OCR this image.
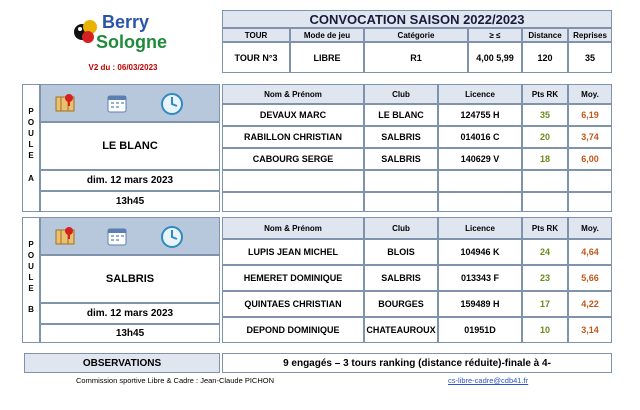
Berry
Sologne
V2 du : 06/03/2023
CONVOCATION SAISON 2022/2023
TOUR	Mode de jeu	Catégorie	≥ ≤	Distance	Reprises
TOUR N°3	LIBRE	R1	4,00 5,99	120	35
P
O
U
L
E
A
LE BLANC
dim. 12 mars 2023
13h45
Nom & Prénom	Club	Licence	Pts RK	Moy.
DEVAUX MARC	LE BLANC	124755 H	35	6,19
RABILLON CHRISTIAN	SALBRIS	014016 C	20	3,74
CABOURG SERGE	SALBRIS	140629 V	18	6,00
P
O
U
L
E
B
SALBRIS
dim. 12 mars 2023
13h45
Nom & Prénom	Club	Licence	Pts RK	Moy.
LUPIS JEAN MICHEL	BLOIS	104946 K	24	4,64
HEMERET DOMINIQUE	SALBRIS	013343 F	23	5,66
QUINTAES CHRISTIAN	BOURGES	159489 H	17	4,22
DEPOND DOMINIQUE	CHATEAUROUX	01951D	10	3,14
OBSERVATIONS	9 engagés – 3 tours ranking (distance réduite)-finale à 4-
Commission sportive Libre & Cadre : Jean-Claude PICHON	cs-libre-cadre@cdb41.fr
